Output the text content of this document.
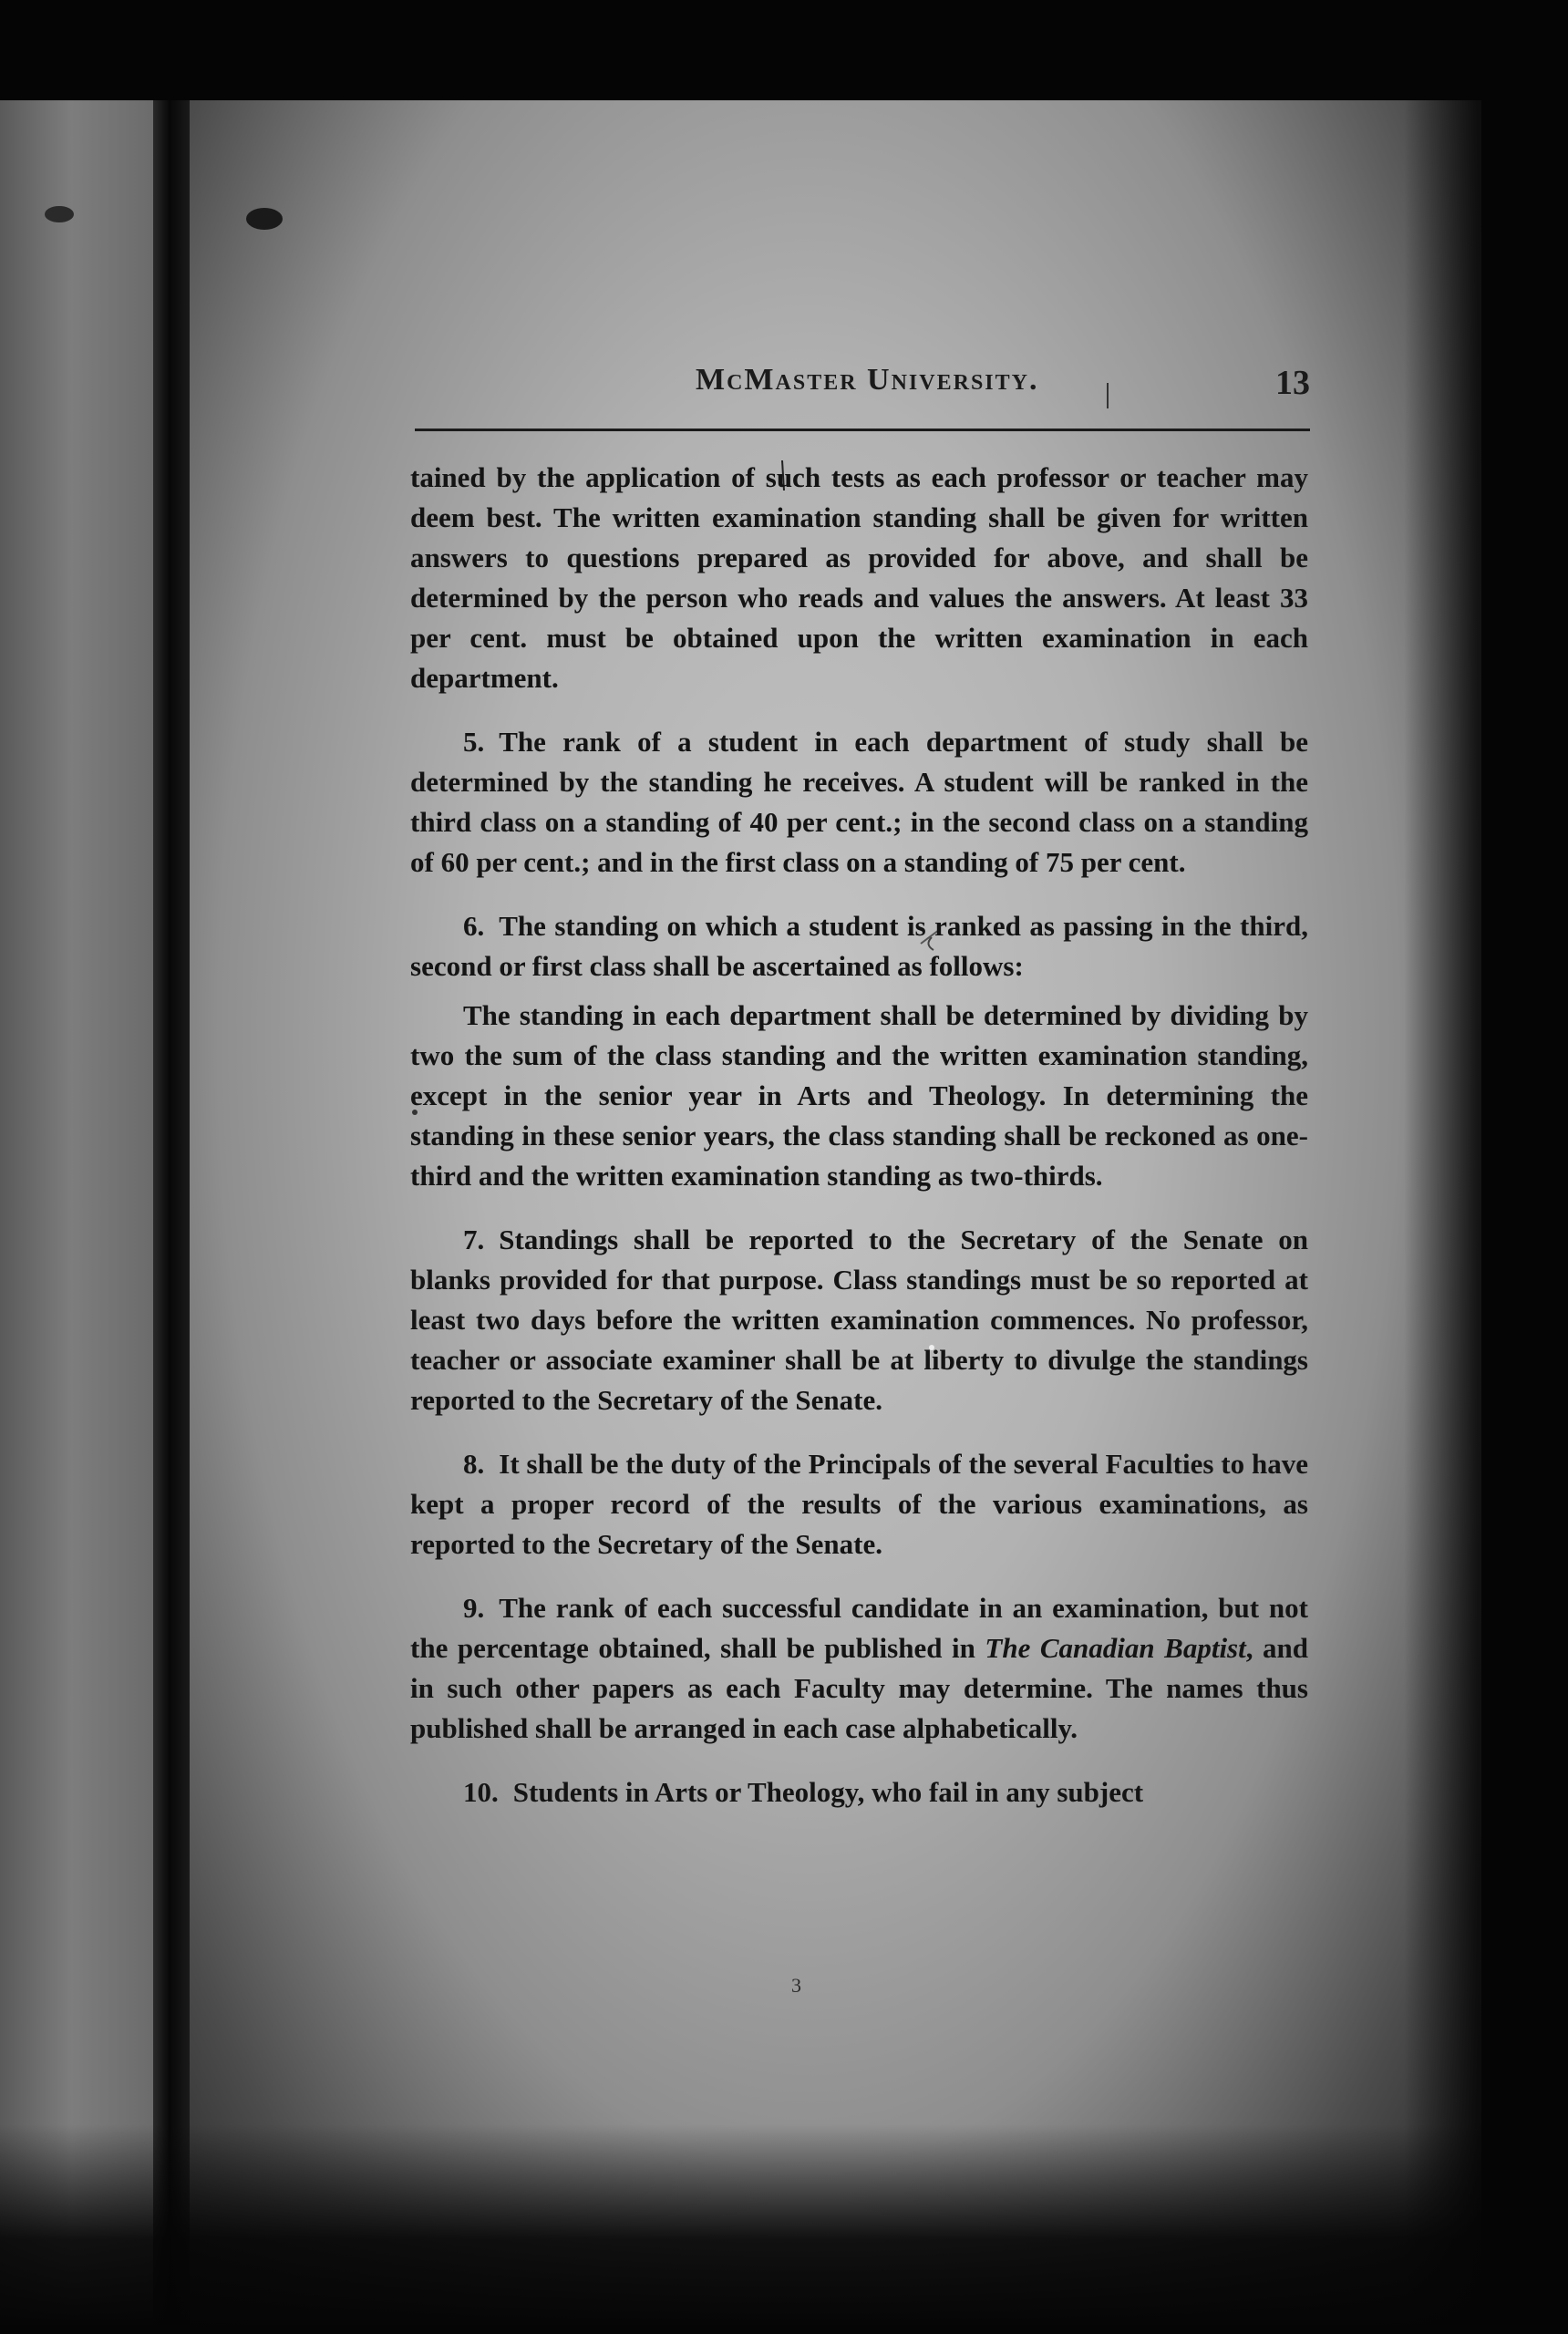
McMaster University.	13

tained by the application of such tests as each professor or teacher may deem best. The written examination standing shall be given for written answers to questions prepared as provided for above, and shall be determined by the person who reads and values the answers. At least 33 per cent. must be obtained upon the written examination in each department.

5. The rank of a student in each department of study shall be determined by the standing he receives. A student will be ranked in the third class on a standing of 40 per cent.; in the second class on a standing of 60 per cent.; and in the first class on a standing of 75 per cent.

6. The standing on which a student is ranked as passing in the third, second or first class shall be ascertained as follows:

The standing in each department shall be determined by dividing by two the sum of the class standing and the written examination standing, except in the senior year in Arts and Theology. In determining the standing in these senior years, the class standing shall be reckoned as one-third and the written examination standing as two-thirds.

7. Standings shall be reported to the Secretary of the Senate on blanks provided for that purpose. Class standings must be so reported at least two days before the written examination commences. No professor, teacher or associate examiner shall be at liberty to divulge the standings reported to the Secretary of the Senate.

8. It shall be the duty of the Principals of the several Faculties to have kept a proper record of the results of the various examinations, as reported to the Secretary of the Senate.

9. The rank of each successful candidate in an examination, but not the percentage obtained, shall be published in The Canadian Baptist, and in such other papers as each Faculty may determine. The names thus published shall be arranged in each case alphabetically.

10. Students in Arts or Theology, who fail in any subject

3
